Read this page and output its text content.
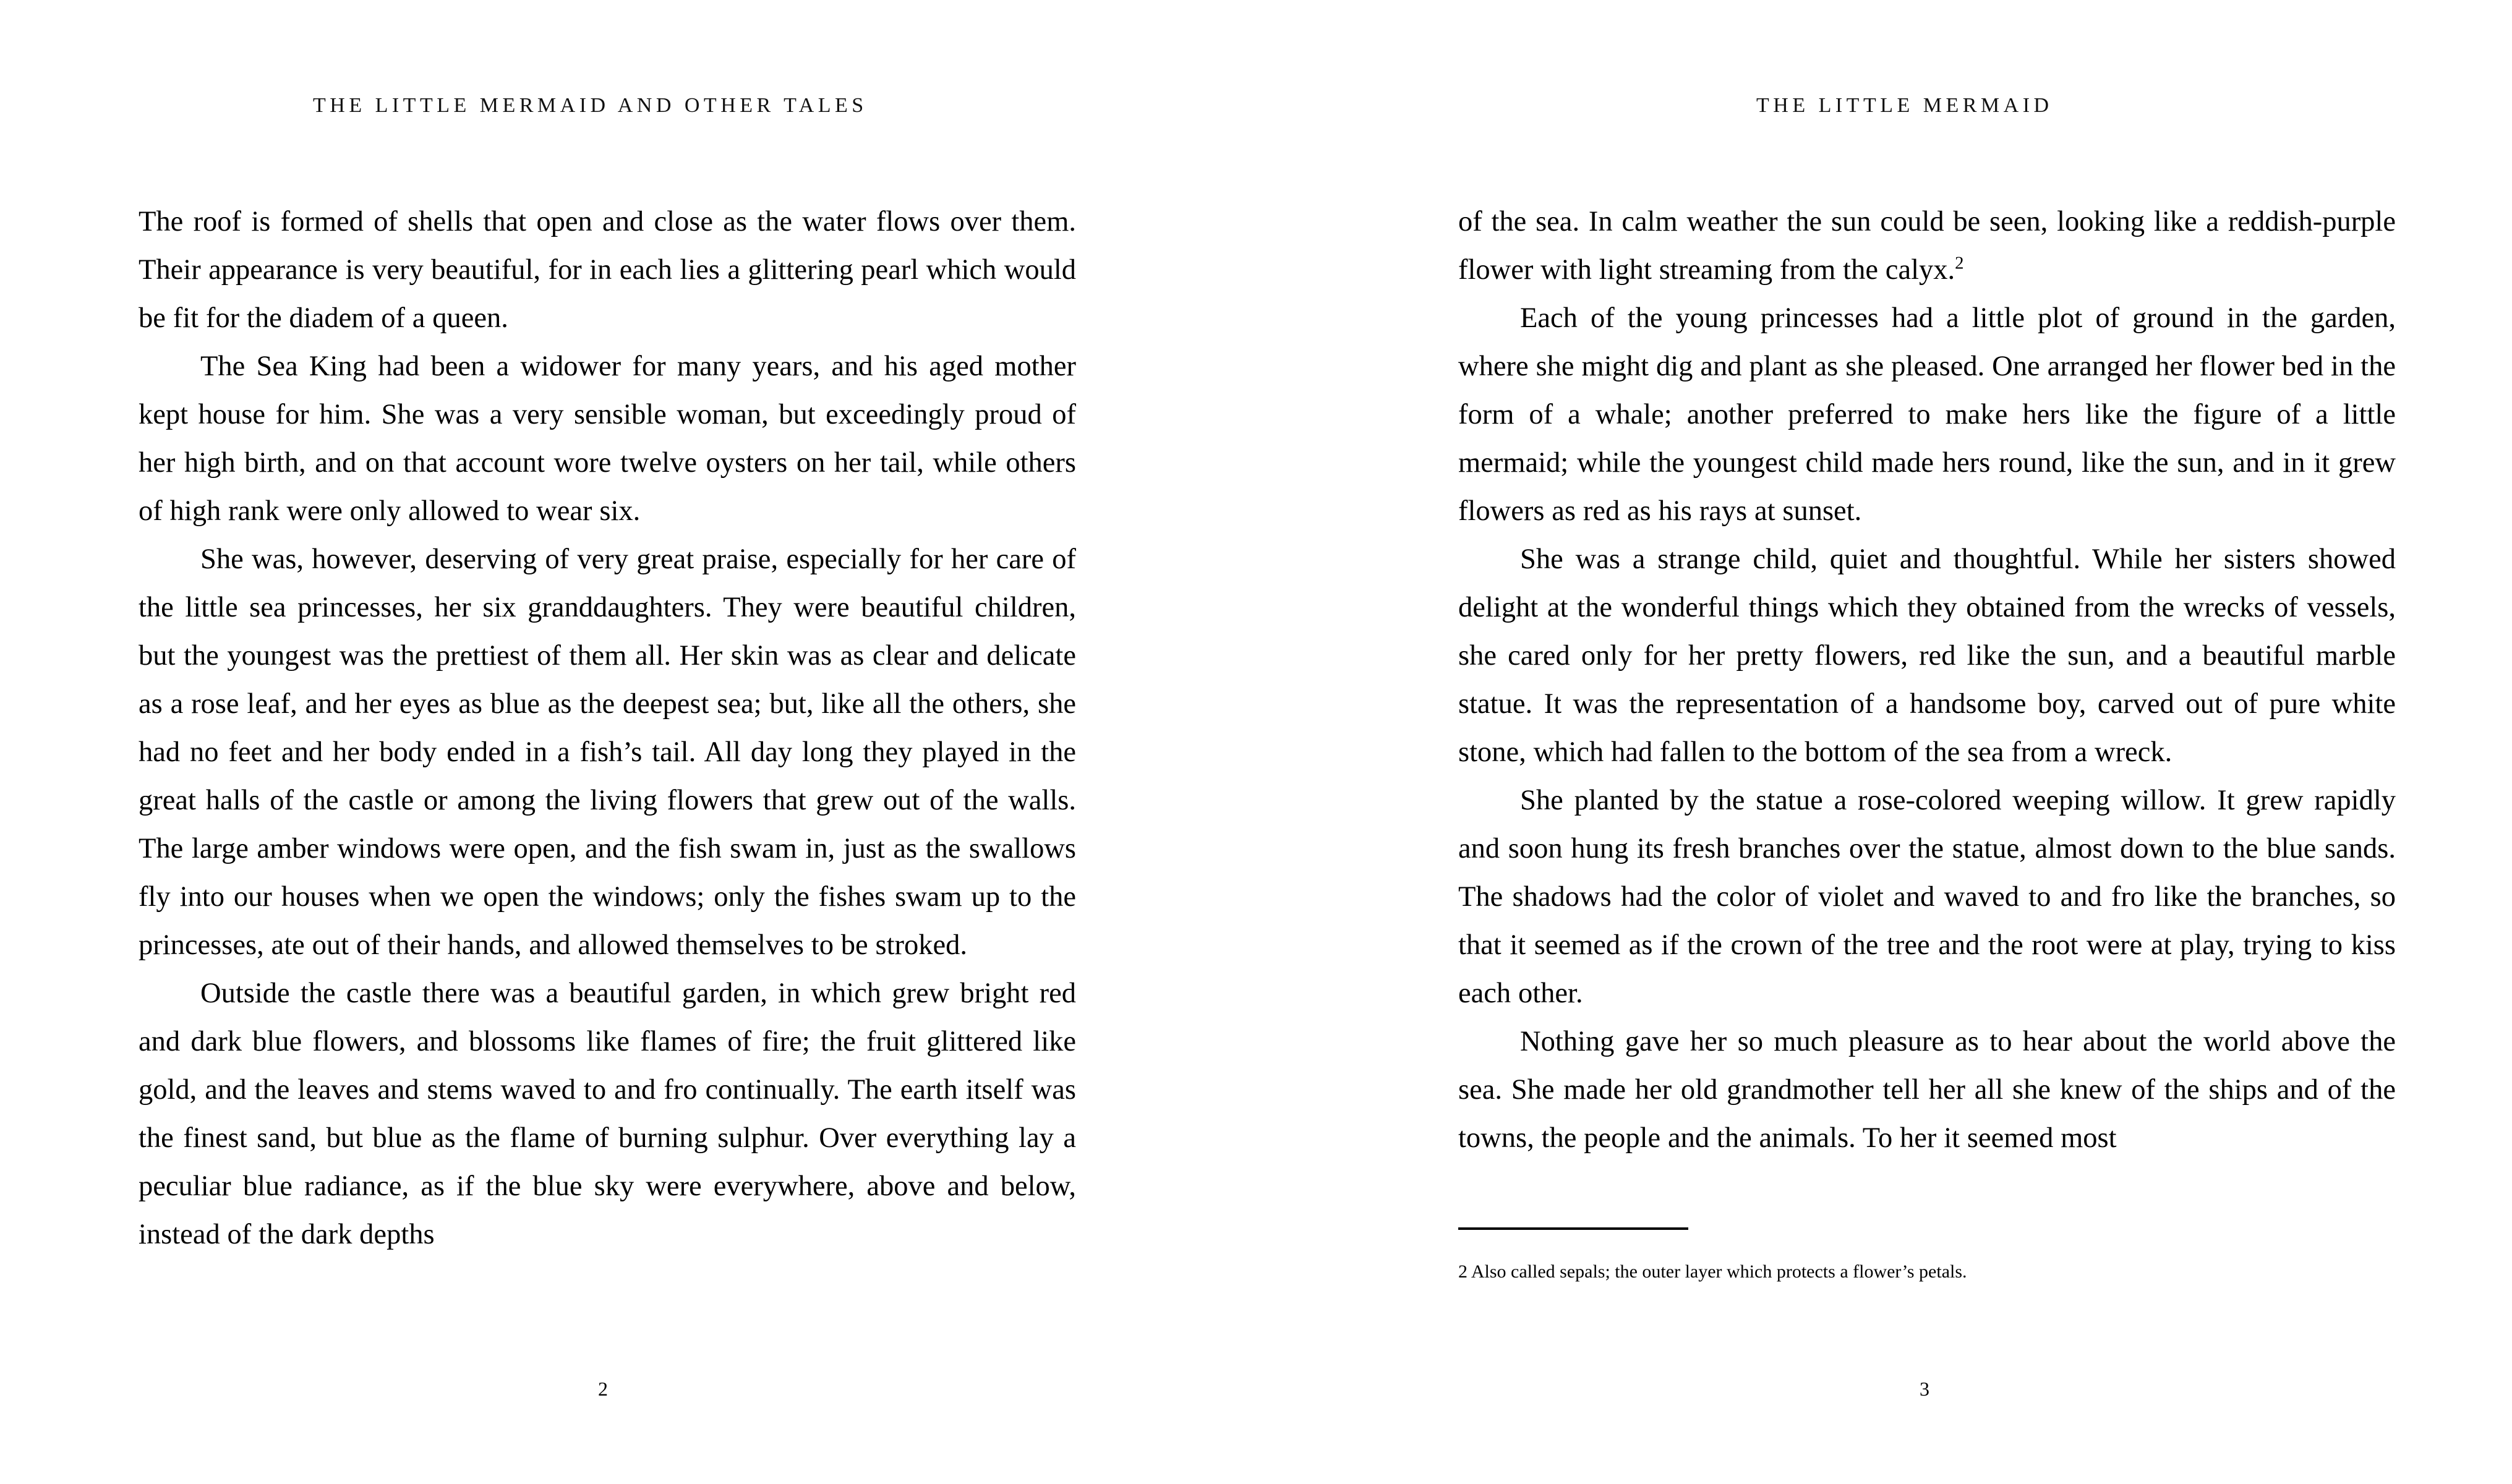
THE LITTLE MERMAID AND OTHER TALES	THE LITTLE MERMAID

The roof is formed of shells that open and close as the water flows over them. Their appearance is very beautiful, for in each lies a glittering pearl which would be fit for the diadem of a queen.

The Sea King had been a widower for many years, and his aged mother kept house for him. She was a very sensible woman, but exceedingly proud of her high birth, and on that account wore twelve oysters on her tail, while others of high rank were only allowed to wear six.

She was, however, deserving of very great praise, especially for her care of the little sea princesses, her six granddaughters. They were beautiful children, but the youngest was the prettiest of them all. Her skin was as clear and delicate as a rose leaf, and her eyes as blue as the deepest sea; but, like all the others, she had no feet and her body ended in a fish’s tail. All day long they played in the great halls of the castle or among the living flowers that grew out of the walls. The large amber windows were open, and the fish swam in, just as the swallows fly into our houses when we open the windows; only the fishes swam up to the princesses, ate out of their hands, and allowed themselves to be stroked.

Outside the castle there was a beautiful garden, in which grew bright red and dark blue flowers, and blossoms like flames of fire; the fruit glittered like gold, and the leaves and stems waved to and fro continually. The earth itself was the finest sand, but blue as the flame of burning sulphur. Over everything lay a peculiar blue radiance, as if the blue sky were everywhere, above and below, instead of the dark depths

of the sea. In calm weather the sun could be seen, looking like a reddish-purple flower with light streaming from the calyx.$^2$

Each of the young princesses had a little plot of ground in the garden, where she might dig and plant as she pleased. One arranged her flower bed in the form of a whale; another preferred to make hers like the figure of a little mermaid; while the youngest child made hers round, like the sun, and in it grew flowers as red as his rays at sunset.

She was a strange child, quiet and thoughtful. While her sisters showed delight at the wonderful things which they obtained from the wrecks of vessels, she cared only for her pretty flowers, red like the sun, and a beautiful marble statue. It was the representation of a handsome boy, carved out of pure white stone, which had fallen to the bottom of the sea from a wreck.

She planted by the statue a rose-colored weeping willow. It grew rapidly and soon hung its fresh branches over the statue, almost down to the blue sands. The shadows had the color of violet and waved to and fro like the branches, so that it seemed as if the crown of the tree and the root were at play, trying to kiss each other.

Nothing gave her so much pleasure as to hear about the world above the sea. She made her old grandmother tell her all she knew of the ships and of the towns, the people and the animals. To her it seemed most

2 Also called sepals; the outer layer which protects a flower’s petals.

2	3
